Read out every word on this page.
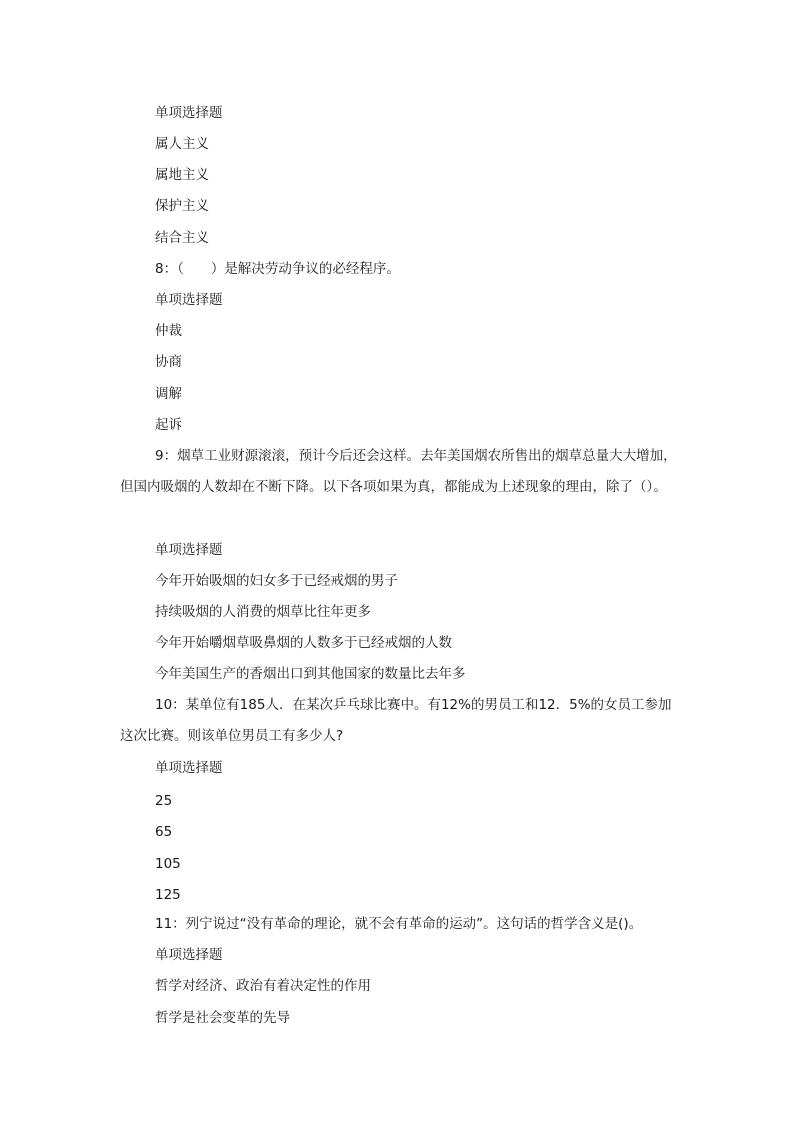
单项选择题
属人主义
属地主义
保护主义
结合主义
8：（　　）是解决劳动争议的必经程序。
单项选择题
仲裁
协商
调解
起诉
9：烟草工业财源滚滚，预计今后还会这样。去年美国烟农所售出的烟草总量大大增加，但国内吸烟的人数却在不断下降。以下各项如果为真，都能成为上述现象的理由，除了（）。
单项选择题
今年开始吸烟的妇女多于已经戒烟的男子
持续吸烟的人消费的烟草比往年更多
今年开始嚼烟草吸鼻烟的人数多于已经戒烟的人数
今年美国生产的香烟出口到其他国家的数量比去年多
10：某单位有185人．在某次乒乓球比赛中。有12%的男员工和12．5%的女员工参加这次比赛。则该单位男员工有多少人?
单项选择题
25
65
105
125
11：列宁说过“没有革命的理论，就不会有革命的运动”。这句话的哲学含义是()。
单项选择题
哲学对经济、政治有着决定性的作用
哲学是社会变革的先导
